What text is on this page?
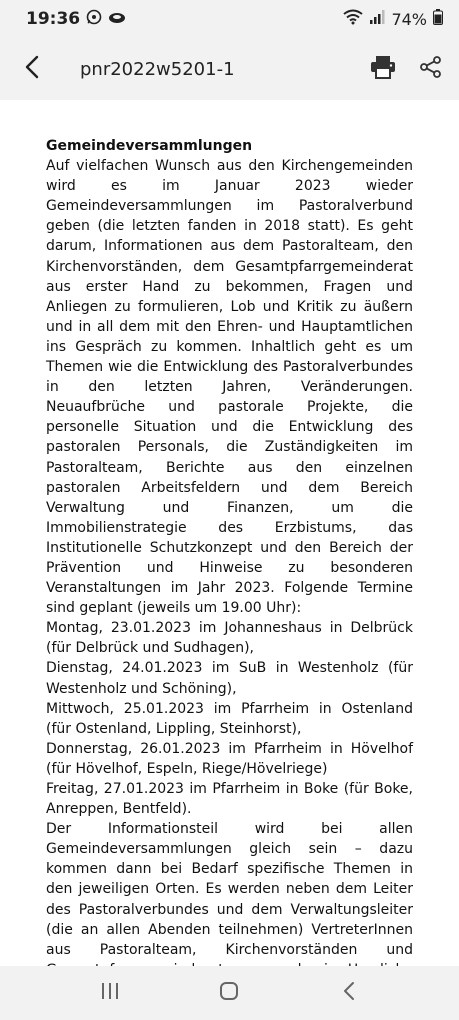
19:36	74%
pnr2022w5201-1
Gemeindeversammlungen

Auf vielfachen Wunsch aus den Kirchengemeinden wird es im Januar 2023 wieder Gemeindeversammlungen im Pastoralverbund geben (die letzten fanden in 2018 statt). Es geht darum, Informationen aus dem Pastoralteam, den Kirchenvorständen, dem Gesamtpfarrgemeinderat aus erster Hand zu bekommen, Fragen und Anliegen zu formulieren, Lob und Kritik zu äußern und in all dem mit den Ehren- und Hauptamtlichen ins Gespräch zu kommen. Inhaltlich geht es um Themen wie die Entwicklung des Pastoralverbundes in den letzten Jahren, Veränderungen. Neuaufbrüche und pastorale Projekte, die personelle Situation und die Entwicklung des pastoralen Personals, die Zuständigkeiten im Pastoralteam, Berichte aus den einzelnen pastoralen Arbeitsfeldern und dem Bereich Verwaltung und Finanzen, um die Immobilienstrategie des Erzbistums, das Institutionelle Schutzkonzept und den Bereich der Prävention und Hinweise zu besonderen Veranstaltungen im Jahr 2023. Folgende Termine sind geplant (jeweils um 19.00 Uhr):

Montag, 23.01.2023 im Johanneshaus in Delbrück (für Delbrück und Sudhagen),

Dienstag, 24.01.2023 im SuB in Westenholz (für Westenholz und Schöning),

Mittwoch, 25.01.2023 im Pfarrheim in Ostenland (für Ostenland, Lippling, Steinhorst),

Donnerstag, 26.01.2023 im Pfarrheim in Hövelhof (für Hövelhof, Espeln, Riege/Hövelriege)

Freitag, 27.01.2023 im Pfarrheim in Boke (für Boke, Anreppen, Bentfeld).

Der Informationsteil wird bei allen Gemeindeversammlungen gleich sein – dazu kommen dann bei Bedarf spezifische Themen in den jeweiligen Orten. Es werden neben dem Leiter des Pastoralverbundes und dem Verwaltungsleiter (die an allen Abenden teilnehmen) VertreterInnen aus Pastoralteam, Kirchenvorständen und
